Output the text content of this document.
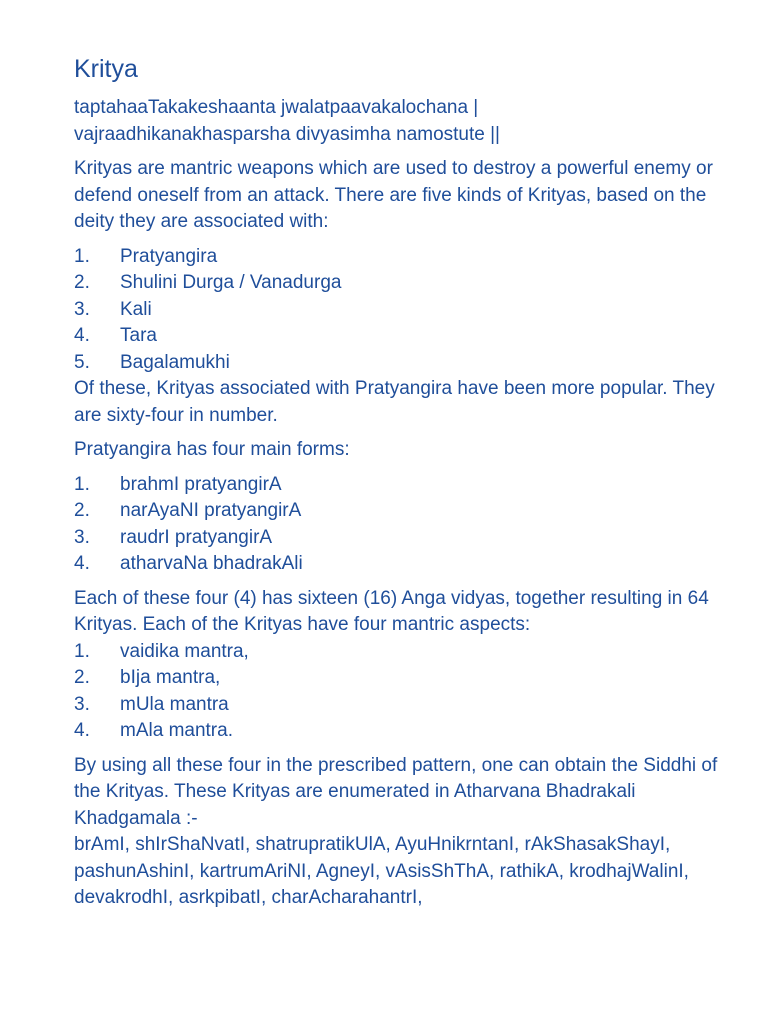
Kritya

taptahaaTakakeshaanta jwalatpaavakalochana |
vajraadhikanakhasparsha divyasimha namostute ||

Krityas are mantric weapons which are used to destroy a powerful enemy or defend oneself from an attack. There are five kinds of Krityas, based on the deity they are associated with:

1.	Pratyangira
2.	Shulini Durga / Vanadurga
3.	Kali
4.	Tara
5.	Bagalamukhi

Of these, Krityas associated with Pratyangira have been more popular. They are sixty-four in number.

Pratyangira has four main forms:

1.	brahmI pratyangirA
2.	narAyaNI pratyangirA
3.	raudrI pratyangirA
4.	atharvaNa bhadrakAli

Each of these four (4) has sixteen (16) Anga vidyas, together resulting in 64 Krityas. Each of the Krityas have four mantric aspects:

1.	vaidika mantra,
2.	bIja mantra,
3.	mUla mantra
4.	mAla mantra.

By using all these four in the prescribed pattern, one can obtain the Siddhi of the Krityas. These Krityas are enumerated in Atharvana Bhadrakali Khadgamala :-

brAmI, shIrShaNvatI, shatrupratikUlA, AyuHnikrntanI, rAkShasakShayI, pashunAshinI, kartrumAriNI, AgneyI, vAsisShThA, rathikA, krodhajWalinI, devakrodhI, asrkpibatI, charAcharahantrI,
